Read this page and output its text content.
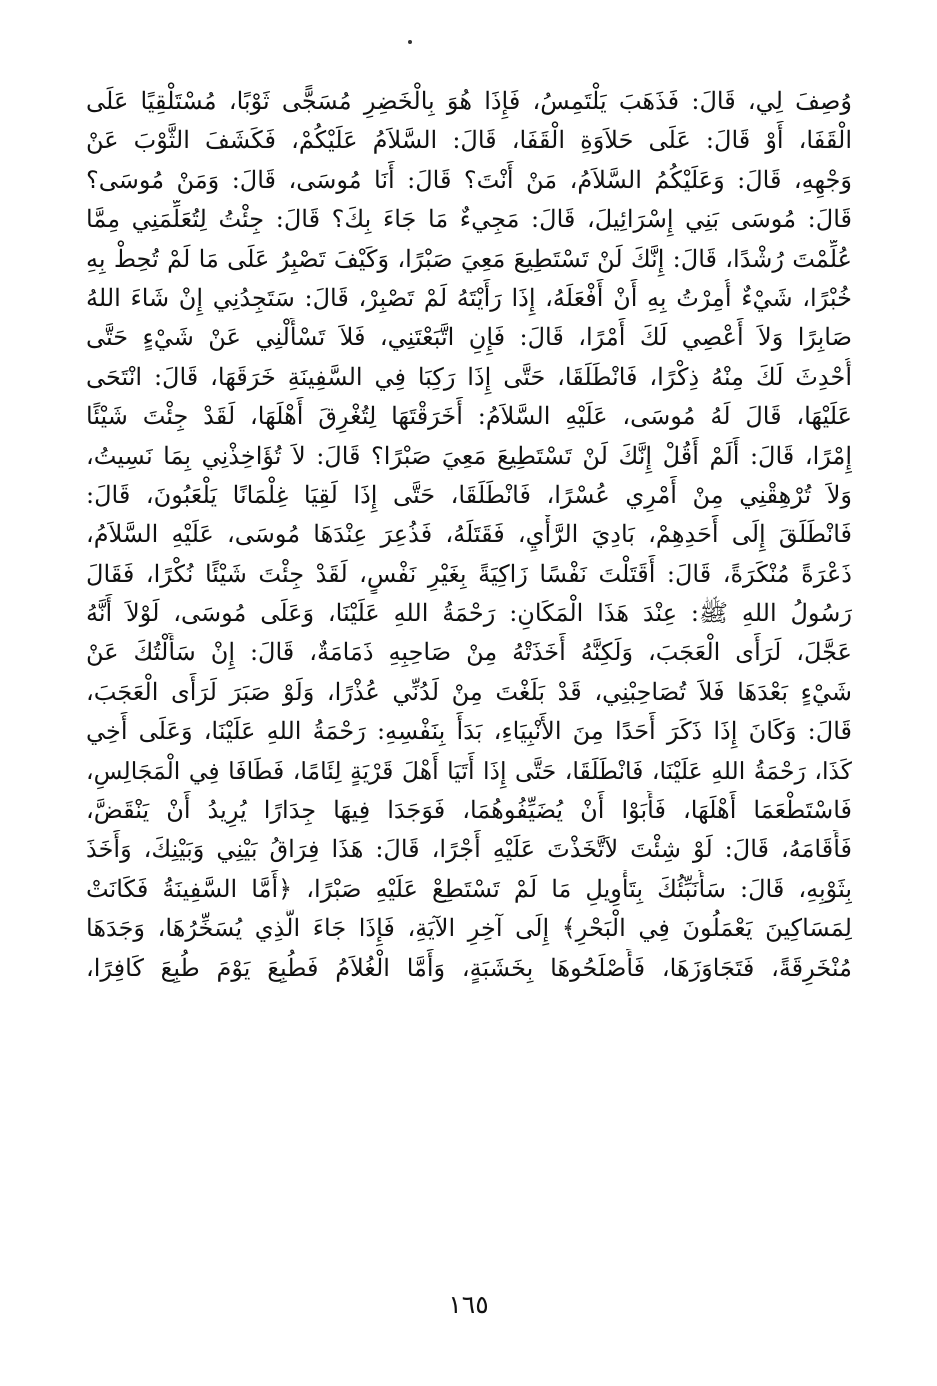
وُصِفَ لِي، قَالَ: فَذَهَبَ يَلْتَمِسُ، فَإِذَا هُوَ بِالْخَضِرِ مُسَجًّى ثَوْبًا، مُسْتَلْقِيًا عَلَى
الْقَفَا، أَوْ قَالَ: عَلَى حَلاَوَةِ الْقَفَا، قَالَ: السَّلاَمُ عَلَيْكُمْ، فَكَشَفَ الثَّوْبَ عَنْ
وَجْهِهِ، قَالَ: وَعَلَيْكُمُ السَّلاَمُ، مَنْ أَنْتَ؟ قَالَ: أَنَا مُوسَى، قَالَ: وَمَنْ مُوسَى؟
قَالَ: مُوسَى بَنِي إِسْرَائِيلَ، قَالَ: مَجِيءٌ مَا جَاءَ بِكَ؟ قَالَ: جِئْتُ لِتُعَلِّمَنِي مِمَّا
عُلِّمْتَ رُشْدًا، قَالَ: إِنَّكَ لَنْ تَسْتَطِيعَ مَعِيَ صَبْرًا، وَكَيْفَ تَصْبِرُ عَلَى مَا لَمْ تُحِطْ بِهِ
خُبْرًا، شَيْءٌ أُمِرْتُ بِهِ أَنْ أَفْعَلَهُ، إِذَا رَأَيْتَهُ لَمْ تَصْبِرْ، قَالَ: سَتَجِدُنِي إِنْ شَاءَ اللهُ
صَابِرًا وَلاَ أَعْصِي لَكَ أَمْرًا، قَالَ: فَإِنِ اتَّبَعْتَنِي، فَلاَ تَسْأَلْنِي عَنْ شَيْءٍ حَتَّى
أُحْدِثَ لَكَ مِنْهُ ذِكْرًا، فَانْطَلَقَا، حَتَّى إِذَا رَكِبَا فِي السَّفِينَةِ خَرَقَهَا، قَالَ: انْتَحَى
عَلَيْهَا، قَالَ لَهُ مُوسَى، عَلَيْهِ السَّلاَمُ: أَخَرَقْتَهَا لِتُغْرِقَ أَهْلَهَا، لَقَدْ جِئْتَ شَيْئًا
إِمْرًا، قَالَ: أَلَمْ أَقُلْ إِنَّكَ لَنْ تَسْتَطِيعَ مَعِيَ صَبْرًا؟ قَالَ: لاَ تُؤَاخِذْنِي بِمَا نَسِيتُ،
وَلاَ تُرْهِقْنِي مِنْ أَمْرِي عُسْرًا، فَانْطَلَقَا، حَتَّى إِذَا لَقِيَا غِلْمَانًا يَلْعَبُونَ، قَالَ:
فَانْطَلَقَ إِلَى أَحَدِهِمْ، بَادِيَ الرَّأْيِ، فَقَتَلَهُ، فَذُعِرَ عِنْدَهَا مُوسَى، عَلَيْهِ السَّلاَمُ،
ذَعْرَةً مُنْكَرَةً، قَالَ: أَقَتَلْتَ نَفْسًا زَاكِيَةً بِغَيْرِ نَفْسٍ، لَقَدْ جِئْتَ شَيْئًا نُكْرًا، فَقَالَ
رَسُولُ اللهِ ﷺ: عِنْدَ هَذَا الْمَكَانِ: رَحْمَةُ اللهِ عَلَيْنَا، وَعَلَى مُوسَى، لَوْلاَ أَنَّهُ
عَجَّلَ، لَرَأَى الْعَجَبَ، وَلَكِنَّهُ أَخَذَتْهُ مِنْ صَاحِبِهِ ذَمَامَةٌ، قَالَ: إِنْ سَأَلْتُكَ عَنْ
شَيْءٍ بَعْدَهَا فَلاَ تُصَاحِبْنِي، قَدْ بَلَغْتَ مِنْ لَدُنِّي عُذْرًا، وَلَوْ صَبَرَ لَرَأَى الْعَجَبَ،
قَالَ: وَكَانَ إِذَا ذَكَرَ أَحَدًا مِنَ الأَنْبِيَاءِ، بَدَأَ بِنَفْسِهِ: رَحْمَةُ اللهِ عَلَيْنَا، وَعَلَى أَخِي
كَذَا، رَحْمَةُ اللهِ عَلَيْنَا، فَانْطَلَقَا، حَتَّى إِذَا أَتَيَا أَهْلَ قَرْيَةٍ لِئَامًا، فَطَافَا فِي الْمَجَالِسِ،
فَاسْتَطْعَمَا أَهْلَهَا، فَأَبَوْا أَنْ يُضَيِّفُوهُمَا، فَوَجَدَا فِيهَا جِدَارًا يُرِيدُ أَنْ يَنْقَضَّ،
فَأَقَامَهُ، قَالَ: لَوْ شِئْتَ لاَتَّخَذْتَ عَلَيْهِ أَجْرًا، قَالَ: هَذَا فِرَاقُ بَيْنِي وَبَيْنِكَ، وَأَخَذَ
بِثَوْبِهِ، قَالَ: سَأُنَبِّئُكَ بِتَأْوِيلِ مَا لَمْ تَسْتَطِعْ عَلَيْهِ صَبْرًا، ﴿أَمَّا السَّفِينَةُ فَكَانَتْ
لِمَسَاكِينَ يَعْمَلُونَ فِي الْبَحْرِ﴾ إِلَى آخِرِ الآيَةِ، فَإِذَا جَاءَ الَّذِي يُسَخِّرُهَا، وَجَدَهَا
مُنْخَرِقَةً، فَتَجَاوَزَهَا، فَأَصْلَحُوهَا بِخَشَبَةٍ، وَأَمَّا الْغُلاَمُ فَطُبِعَ يَوْمَ طُبِعَ كَافِرًا،
١٦٥
